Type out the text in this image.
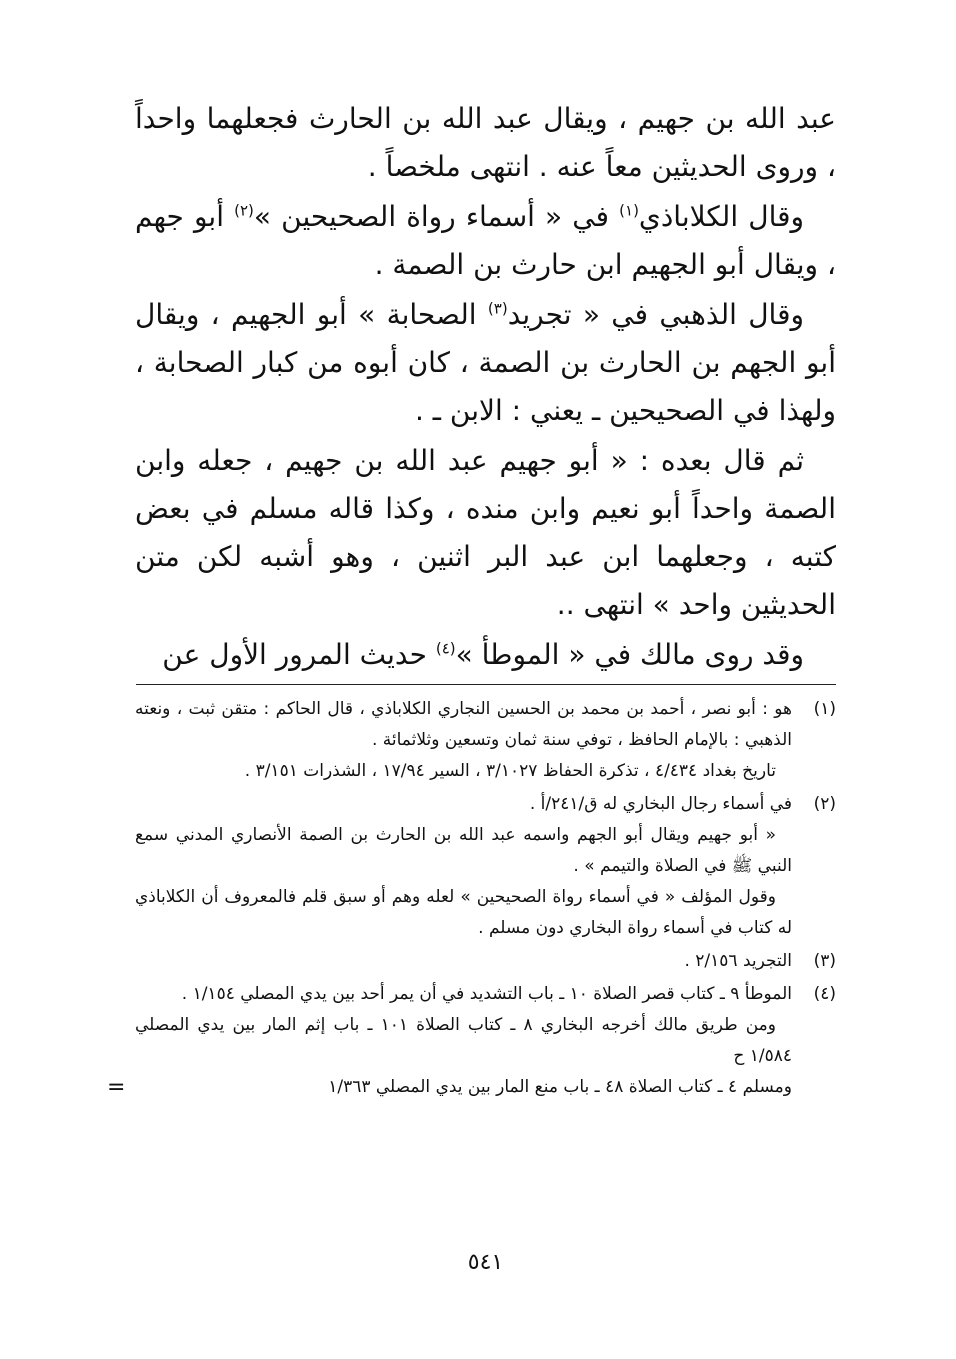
عبد الله بن جهيم ، ويقال عبد الله بن الحارث فجعلهما واحداً ، وروى الحديثين معاً عنه . انتهى ملخصاً .

وقال الكلاباذي$^{(١)}$ في « أسماء رواة الصحيحين »$^{(٢)}$ أبو جهم ، ويقال أبو الجهيم ابن حارث بن الصمة .

وقال الذهبي في « تجريد$^{(٣)}$ الصحابة » أبو الجهيم ، ويقال أبو الجهم بن الحارث بن الصمة ، كان أبوه من كبار الصحابة ، ولهذا في الصحيحين ـ يعني : الابن ـ .

ثم قال بعده : « أبو جهيم عبد الله بن جهيم ، جعله وابن الصمة واحداً أبو نعيم وابن منده ، وكذا قاله مسلم في بعض كتبه ، وجعلهما ابن عبد البر اثنين ، وهو أشبه لكن متن الحديثين واحد » انتهى ..

وقد روى مالك في « الموطأ »$^{(٤)}$ حديث المرور الأول عن

(١)

هو : أبو نصر ، أحمد بن محمد بن الحسين النجاري الكلاباذي ، قال الحاكم : متقن ثبت ، ونعته الذهبي : بالإمام الحافظ ، توفي سنة ثمان وتسعين وثلاثمائة .

تاريخ بغداد ٤/٤٣٤ ، تذكرة الحفاظ ٣/١٠٢٧ ، السير ١٧/٩٤ ، الشذرات ٣/١٥١ .

(٢)

في أسماء رجال البخاري له ق/٢٤١/أ .

« أبو جهيم ويقال أبو الجهم واسمه عبد الله بن الحارث بن الصمة الأنصاري المدني سمع النبي ﷺ في الصلاة والتيمم » .

وقول المؤلف « في أسماء رواة الصحيحين » لعله وهم أو سبق قلم فالمعروف أن الكلاباذي له كتاب في أسماء رواة البخاري دون مسلم .

(٣)

التجريد ٢/١٥٦ .

(٤)

الموطأ ٩ ـ كتاب قصر الصلاة ١٠ ـ باب التشديد في أن يمر أحد بين يدي المصلي ١/١٥٤ .

ومن طريق مالك أخرجه البخاري ٨ ـ كتاب الصلاة ١٠١ ـ باب إثم المار بين يدي المصلي ١/٥٨٤ ح

ومسلم ٤ ـ كتاب الصلاة ٤٨ ـ باب منع المار بين يدي المصلي ١/٣٦٣
=
٥٤١
